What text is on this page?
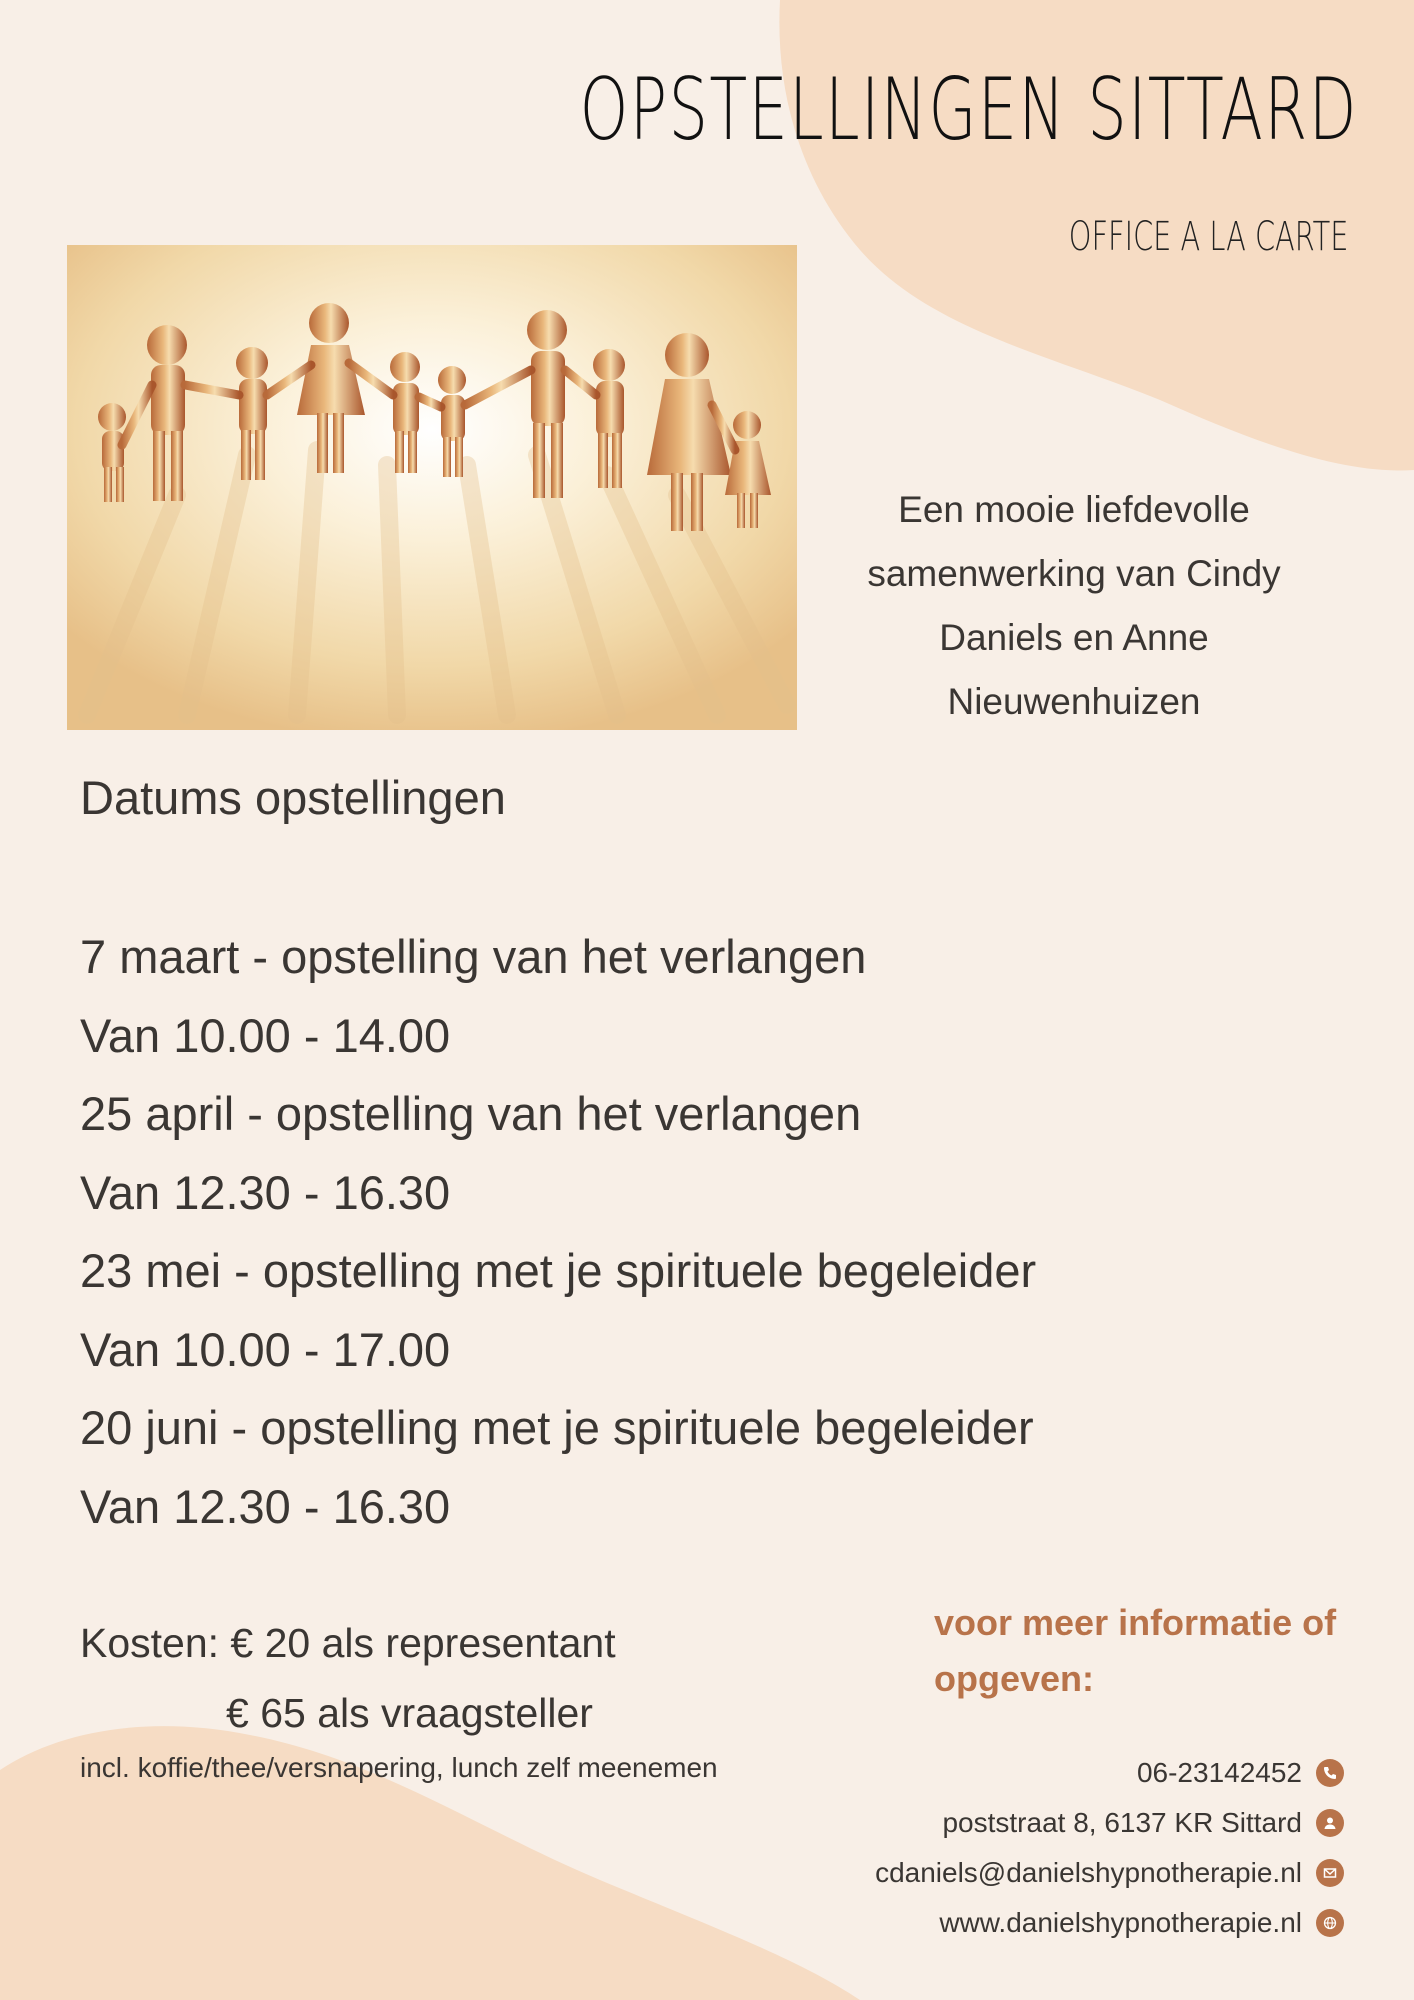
OPSTELLINGEN SITTARD
OFFICE A LA CARTE
Een mooie liefdevolle samenwerking van Cindy Daniels en Anne Nieuwenhuizen
Datums opstellingen
7 maart - opstelling van het verlangen
Van 10.00 - 14.00
25 april - opstelling van het verlangen
Van 12.30 - 16.30
23 mei - opstelling met je spirituele begeleider
Van 10.00 - 17.00
20 juni - opstelling met je spirituele begeleider
Van 12.30 - 16.30
Kosten: € 20 als representant
€ 65 als vraagsteller
incl. koffie/thee/versnapering, lunch zelf meenemen
voor meer informatie of opgeven:
06-23142452
poststraat 8, 6137 KR Sittard
cdaniels@danielshypnotherapie.nl
www.danielshypnotherapie.nl
